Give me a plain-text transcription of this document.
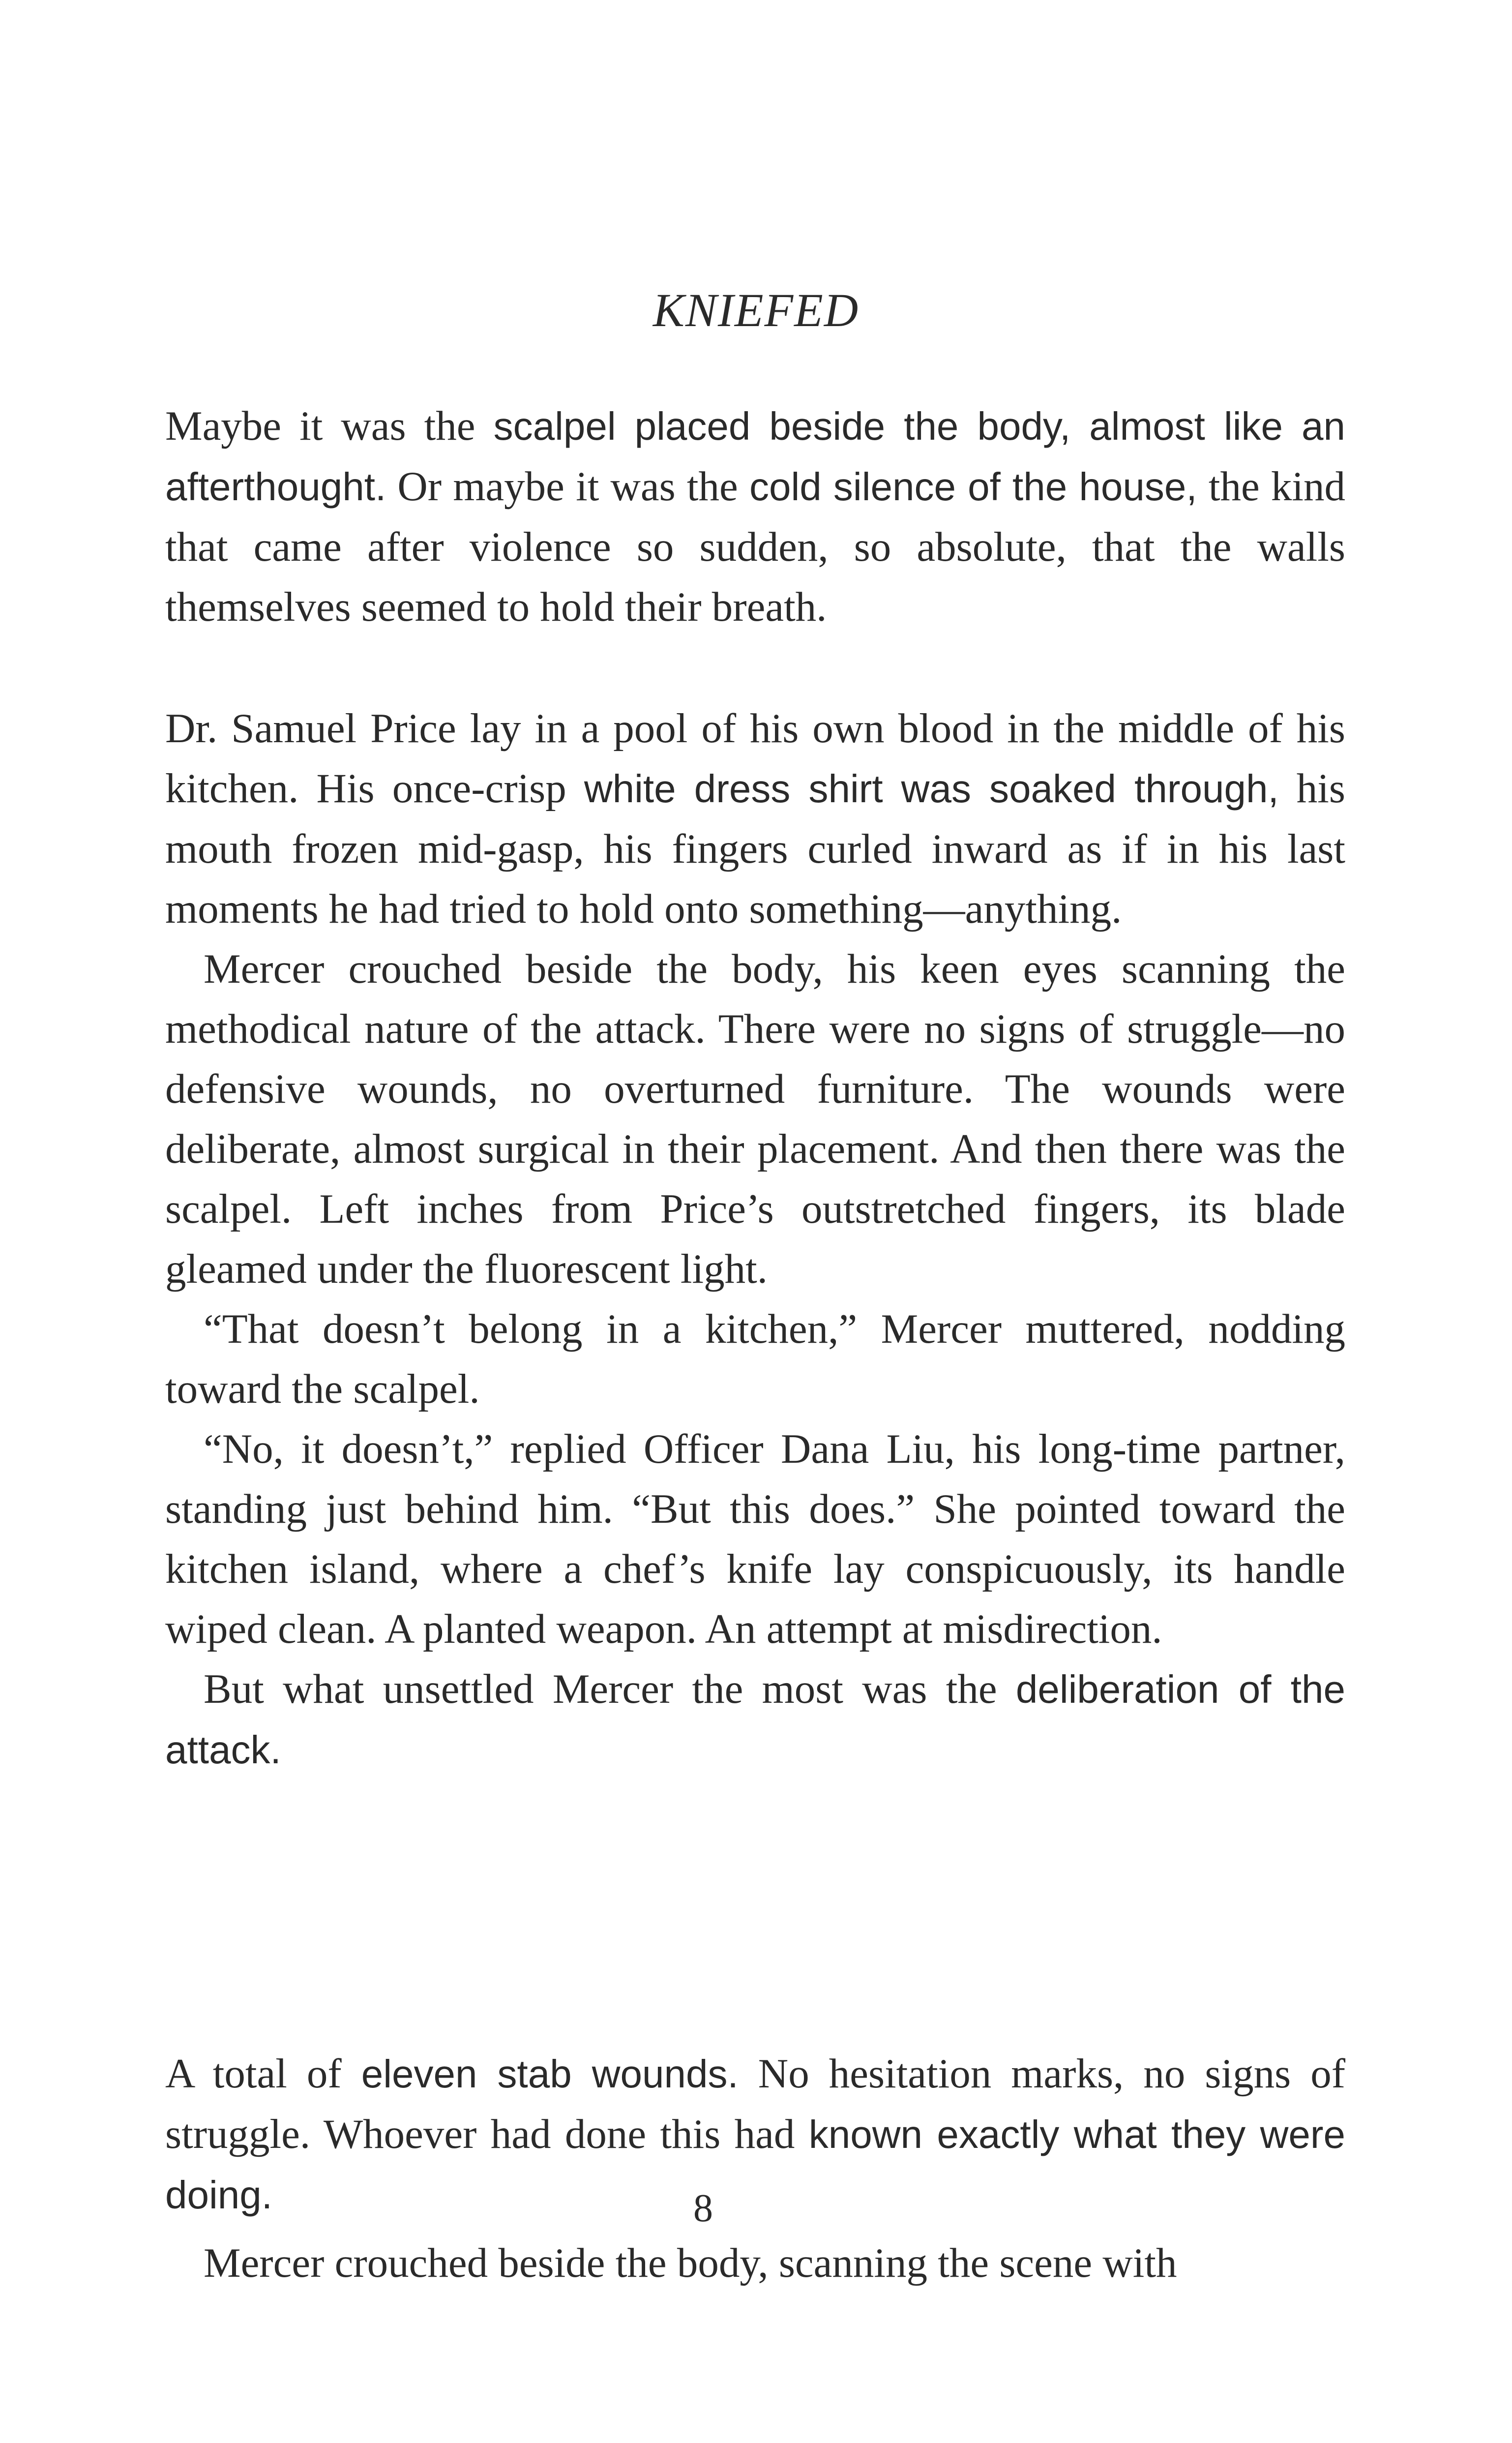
KNIEFED

Maybe it was the scalpel placed beside the body, almost like an afterthought. Or maybe it was the cold silence of the house, the kind that came after violence so sudden, so absolute, that the walls themselves seemed to hold their breath.

Dr. Samuel Price lay in a pool of his own blood in the middle of his kitchen. His once-crisp white dress shirt was soaked through, his mouth frozen mid-gasp, his fingers curled inward as if in his last moments he had tried to hold onto something—anything.

Mercer crouched beside the body, his keen eyes scanning the methodical nature of the attack. There were no signs of struggle—no defensive wounds, no overturned furniture. The wounds were deliberate, almost surgical in their placement. And then there was the scalpel. Left inches from Price’s outstretched fingers, its blade gleamed under the fluorescent light.

“That doesn’t belong in a kitchen,” Mercer muttered, nodding toward the scalpel.

“No, it doesn’t,” replied Officer Dana Liu, his long-time partner, standing just behind him. “But this does.” She pointed toward the kitchen island, where a chef’s knife lay conspicuously, its handle wiped clean. A planted weapon. An attempt at misdirection.

But what unsettled Mercer the most was the deliberation of the attack.

A total of eleven stab wounds. No hesitation marks, no signs of struggle. Whoever had done this had known exactly what they were doing.	8

Mercer crouched beside the body, scanning the scene with
